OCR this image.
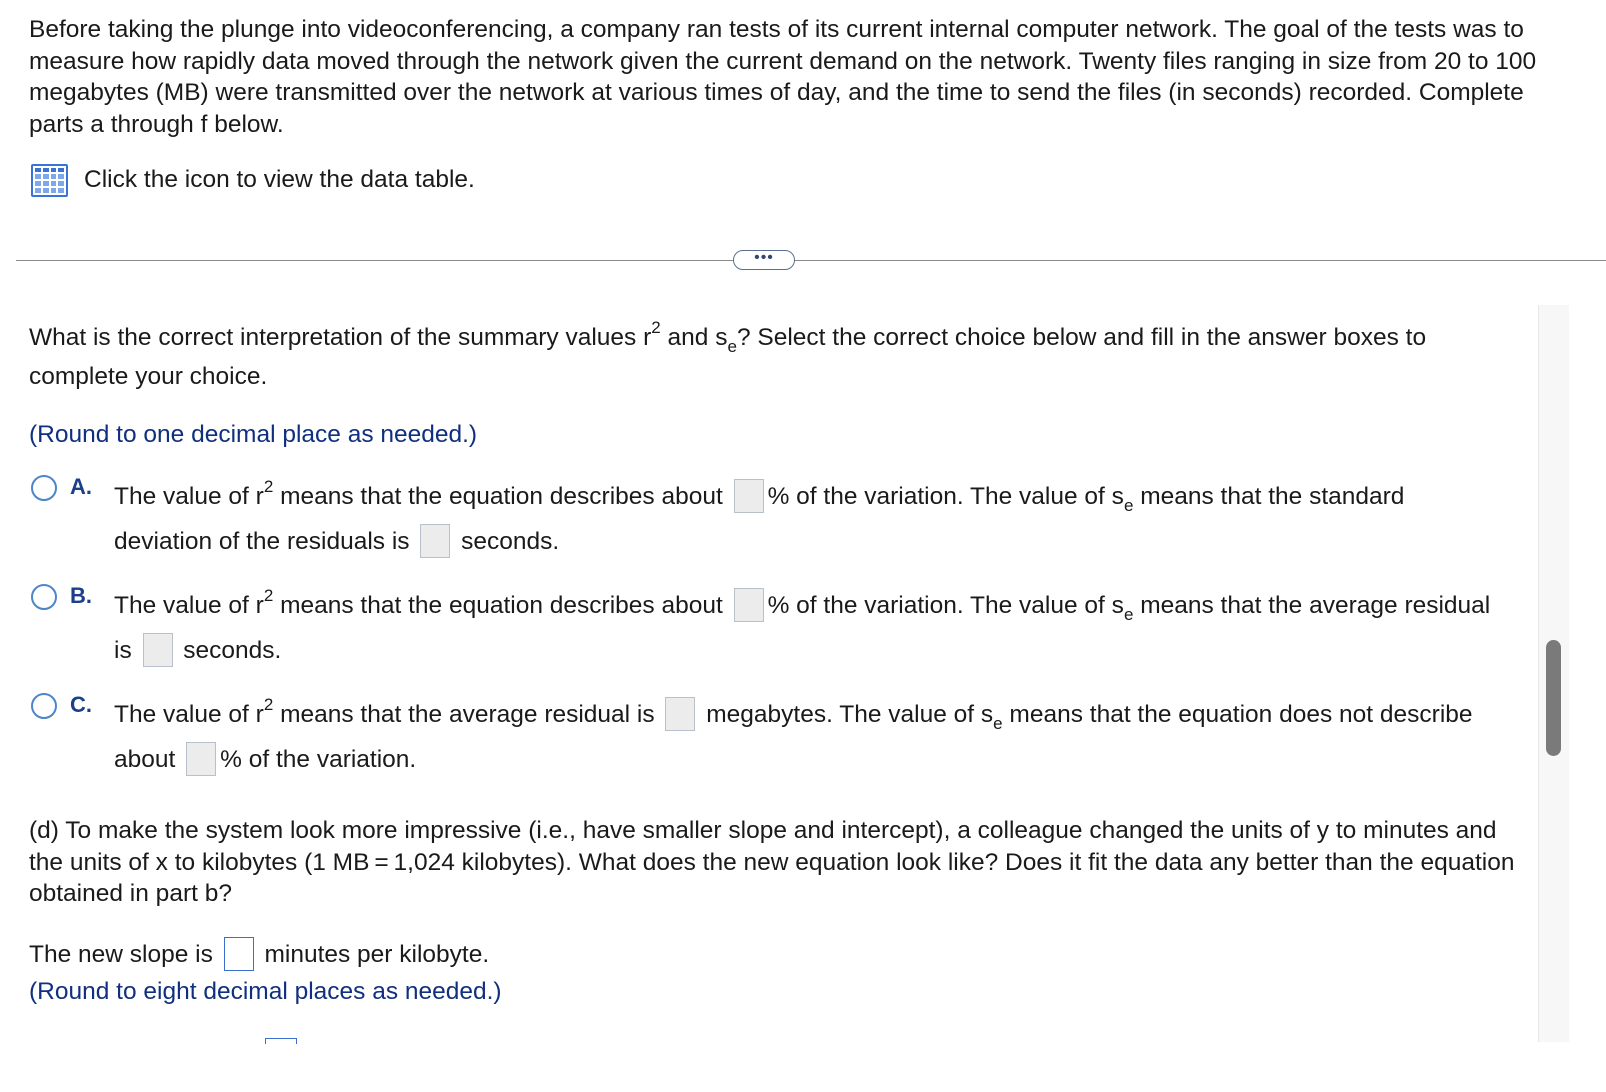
Before taking the plunge into videoconferencing, a company ran tests of its current internal computer network. The goal of the tests was to measure how rapidly data moved through the network given the current demand on the network. Twenty files ranging in size from 20 to 100 megabytes (MB) were transmitted over the network at various times of day, and the time to send the files (in seconds) recorded. Complete parts a through f below.
Click the icon to view the data table.
•••
What is the correct interpretation of the summary values $r^2$ and $s_e$? Select the correct choice below and fill in the answer boxes to complete your choice.
(Round to one decimal place as needed.)
A. The value of $r^2$ means that the equation describes about % of the variation. The value of $s_e$ means that the standard deviation of the residuals is  seconds.
B. The value of $r^2$ means that the equation describes about % of the variation. The value of $s_e$ means that the average residual is  seconds.
C. The value of $r^2$ means that the average residual is  megabytes. The value of $s_e$ means that the equation does not describe about % of the variation.
(d) To make the system look more impressive (i.e., have smaller slope and intercept), a colleague changed the units of y to minutes and the units of x to kilobytes (1 MB = 1,024 kilobytes). What does the new equation look like? Does it fit the data any better than the equation obtained in part b?
The new slope is  minutes per kilobyte.
(Round to eight decimal places as needed.)
